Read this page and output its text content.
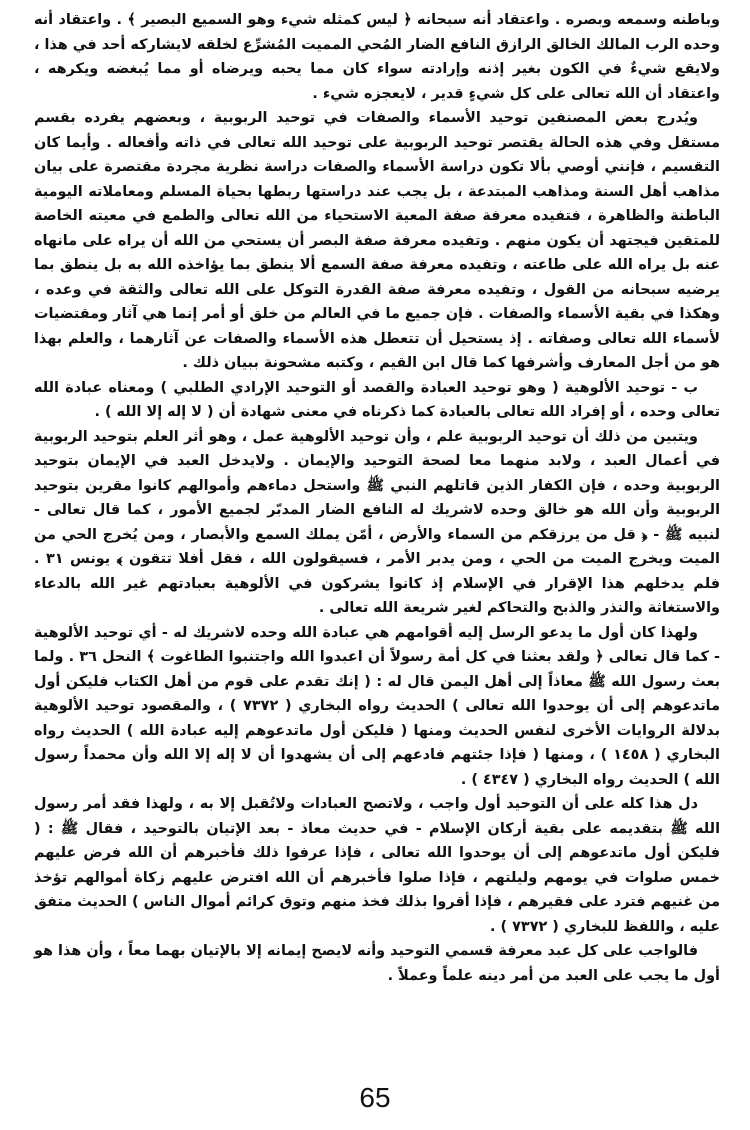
وباطنه وسمعه وبصره . واعتقاد أنه سبحانه ﴿ ليس كمثله شيء وهو السميع البصير ﴾ . واعتقاد أنه وحده الرب المالك الخالق الرازق النافع الضار المُحي المميت المُشرِّع لخلقه لايشاركه أحد في هذا ، ولايقع شيءٌ في الكون بغير إذنه وإرادته سواء كان مما يحبه ويرضاه أو مما يُبغضه ويكرهه ، واعتقاد أن الله تعالى على كل شيءٍ قدير ، لايعجزه شيء .

ويُدرج بعض المصنفين توحيد الأسماء والصفات في توحيد الربوبية ، وبعضهم يفرده بقسم مستقل وفي هذه الحالة يقتصر توحيد الربوبية على توحيد الله تعالى في ذاته وأفعاله . وأيما كان التقسيم ، فإنني أوصي بألا تكون دراسة الأسماء والصفات دراسة نظرية مجردة مقتصرة على بيان مذاهب أهل السنة ومذاهب المبتدعة ، بل يجب عند دراستها ربطها بحياة المسلم ومعاملاته اليومية الباطنة والظاهرة ، فتفيده معرفة صفة المعية الاستحياء من الله تعالى والطمع في معيته الخاصة للمتقين فيجتهد أن يكون منهم . وتفيده معرفة صفة البصر أن يستحي من الله أن يراه على مانهاه عنه بل يراه الله على طاعته ، وتفيده معرفة صفة السمع ألا ينطق بما يؤاخذه الله به بل ينطق بما يرضيه سبحانه من القول ، وتفيده معرفة صفة القدرة التوكل على الله تعالى والثقة في وعده ، وهكذا في بقية الأسماء والصفات . فإن جميع ما في العالم من خلق أو أمر إنما هي آثار ومقتضيات لأسماء الله تعالى وصفاته . إذ يستحيل أن تتعطل هذه الأسماء والصفات عن آثارهما ، والعلم بهذا هو من أجل المعارف وأشرفها كما قال ابن القيم ، وكتبه مشحونة ببيان ذلك .

ب - توحيد الألوهية ( وهو توحيد العبادة والقصد أو التوحيد الإرادي الطلبي ) ومعناه عبادة الله تعالى وحده ، أو إفراد الله تعالى بالعبادة كما ذكرناه في معنى شهادة أن ( لا إله إلا الله ) .

ويتبين من ذلك أن توحيد الربوبية علم ، وأن توحيد الألوهية عمل ، وهو أثر العلم بتوحيد الربوبية في أعمال العبد ، ولابد منهما معا لصحة التوحيد والإيمان . ولايدخل العبد في الإيمان بتوحيد الربوبية وحده ، فإن الكفار الذين قاتلهم النبي ﷺ واستحل دماءهم وأموالهم كانوا مقرين بتوحيد الربوبية وأن الله هو خالق وحده لاشريك له النافع الضار المدبّر لجميع الأمور ، كما قال تعالى - لنبيه ﷺ - ﴿ قل من يرزقكم من السماء والأرض ، أمّن يملك السمع والأبصار ، ومن يُخرج الحي من الميت ويخرج الميت من الحي ، ومن يدبر الأمر ، فسيقولون الله ، فقل أفلا تتقون ﴾ يونس ٣١ . فلم يدخلهم هذا الإقرار في الإسلام إذ كانوا يشركون في الألوهية بعبادتهم غير الله بالدعاء والاستغاثة والنذر والذبح والتحاكم لغير شريعة الله تعالى .

ولهذا كان أول ما يدعو الرسل إليه أقوامهم هي عبادة الله وحده لاشريك له - أي توحيد الألوهية - كما قال تعالى ﴿ ولقد بعثنا في كل أمة رسولاً أن اعبدوا الله واجتنبوا الطاغوت ﴾ النحل ٣٦ . ولما بعث رسول الله ﷺ معاذاً إلى أهل اليمن قال له : ( إنك تقدم على قوم من أهل الكتاب فليكن أول ماتدعوهم إلى أن يوحدوا الله تعالى ) الحديث رواه البخاري ( ٧٣٧٢ ) ، والمقصود توحيد الألوهية بدلالة الروايات الأخرى لنفس الحديث ومنها ( فليكن أول ماتدعوهم إليه عبادة الله ) الحديث رواه البخاري ( ١٤٥٨ ) ، ومنها ( فإذا جئتهم فادعهم إلى أن يشهدوا أن لا إله إلا الله وأن محمداً رسول الله ) الحديث رواه البخاري ( ٤٣٤٧ ) .

دل هذا كله على أن التوحيد أول واجب ، ولاتصح العبادات ولاتُقبل إلا به ، ولهذا فقد أمر رسول الله ﷺ بتقديمه على بقية أركان الإسلام - في حديث معاذ - بعد الإتيان بالتوحيد ، فقال ﷺ : ( فليكن أول ماتدعوهم إلى أن يوحدوا الله تعالى ، فإذا عرفوا ذلك فأخبرهم أن الله فرض عليهم خمس صلوات في يومهم وليلتهم ، فإذا صلوا فأخبرهم أن الله افترض عليهم زكاة أموالهم تؤخذ من غنيهم فترد على فقيرهم ، فإذا أقروا بذلك فخذ منهم وتوق كرائم أموال الناس ) الحديث متفق عليه ، واللفظ للبخاري ( ٧٣٧٢ ) .

فالواجب على كل عبد معرفة قسمي التوحيد وأنه لايصح إيمانه إلا بالإتيان بهما معاً ، وأن هذا هو أول ما يجب على العبد من أمر دينه علماً وعملاً .

65
